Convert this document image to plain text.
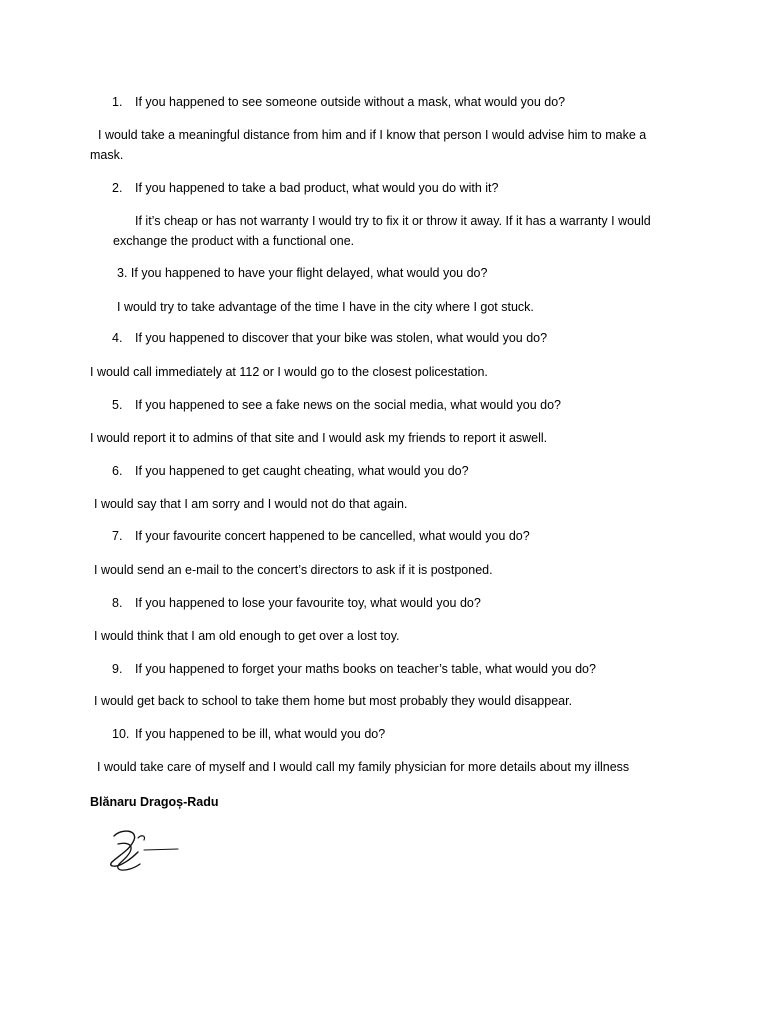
1. If you happened to see someone outside without a mask, what would you do?
I would take a meaningful distance from him and if I know that person I would advise him to make a
mask.
2. If you happened to take a bad product, what would you do with it?
If it’s cheap or has not warranty I would try to fix it or throw it away. If it has a warranty I would
exchange the product with a functional one.
3. If you happened to have your flight delayed, what would you do?
I would try to take advantage of the time I have in the city where I got stuck.
4. If you happened to discover that your bike was stolen, what would you do?
I would call immediately at 112 or I would go to the closest policestation.
5. If you happened to see a fake news on the social media, what would you do?
I would report it to admins of that site and I would ask my friends to report it aswell.
6. If you happened to get caught cheating, what would you do?
I would say that I am sorry and I would not do that again.
7. If your favourite concert happened to be cancelled, what would you do?
I would send an e-mail to the concert’s directors to ask if it is postponed.
8. If you happened to lose your favourite toy, what would you do?
I would think that I am old enough to get over a lost toy.
9. If you happened to forget your maths books on teacher’s table, what would you do?
I would get back to school to take them home but most probably they would disappear.
10. If you happened to be ill, what would you do?
I would take care of myself and I would call my family physician for more details about my illness
Blănaru Dragoș-Radu
